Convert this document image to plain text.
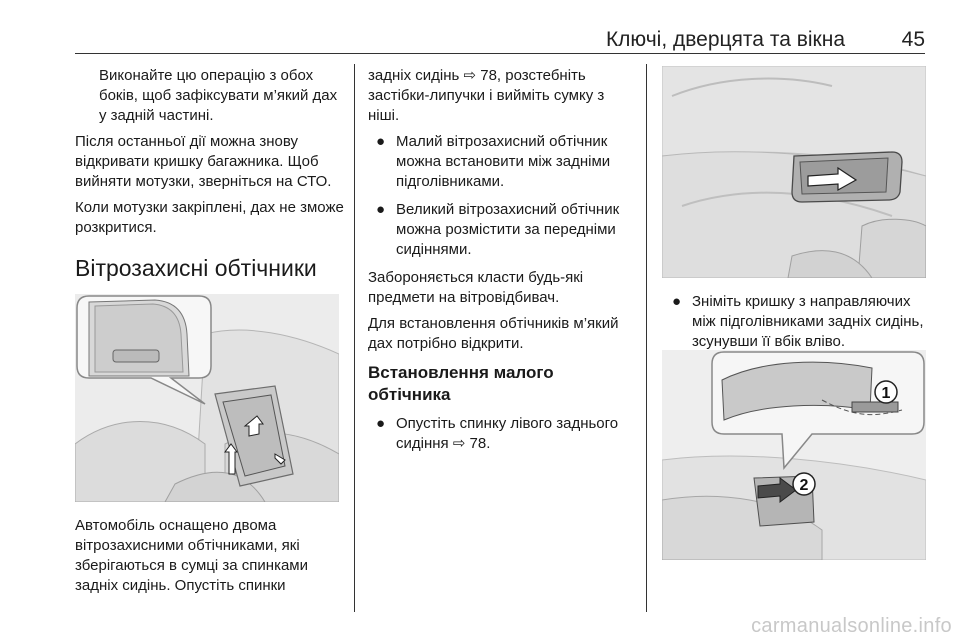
Ключі, дверцята та вікна	45

Виконайте цю операцію з обох боків, щоб зафіксувати м’який дах у задній частині.

Після останньої дії можна знову відкривати кришку багажника. Щоб вийняти мотузки, зверніться на СТО.

Коли мотузки закріплені, дах не зможе розкритися.

Вітрозахисні обтічники

Автомобіль оснащено двома вітрозахисними обтічниками, які зберігаються в сумці за спинками задніх сидінь. Опустіть спинки

задніх сидінь ⇨ 78, розстебніть застібки-липучки і вийміть сумку з ніші.

● Малий вітрозахисний обтічник можна встановити між задніми підголівниками.
● Великий вітрозахисний обтічник можна розмістити за передніми сидіннями.

Забороняється класти будь-які предмети на вітровідбивач.

Для встановлення обтічників м’який дах потрібно відкрити.

Встановлення малого обтічника
● Опустіть спинку лівого заднього сидіння ⇨ 78.
● Зніміть кришку з направляючих між підголівниками задніх сидінь, зсунувши її вбік вліво.
2
1
carmanualsonline.info
